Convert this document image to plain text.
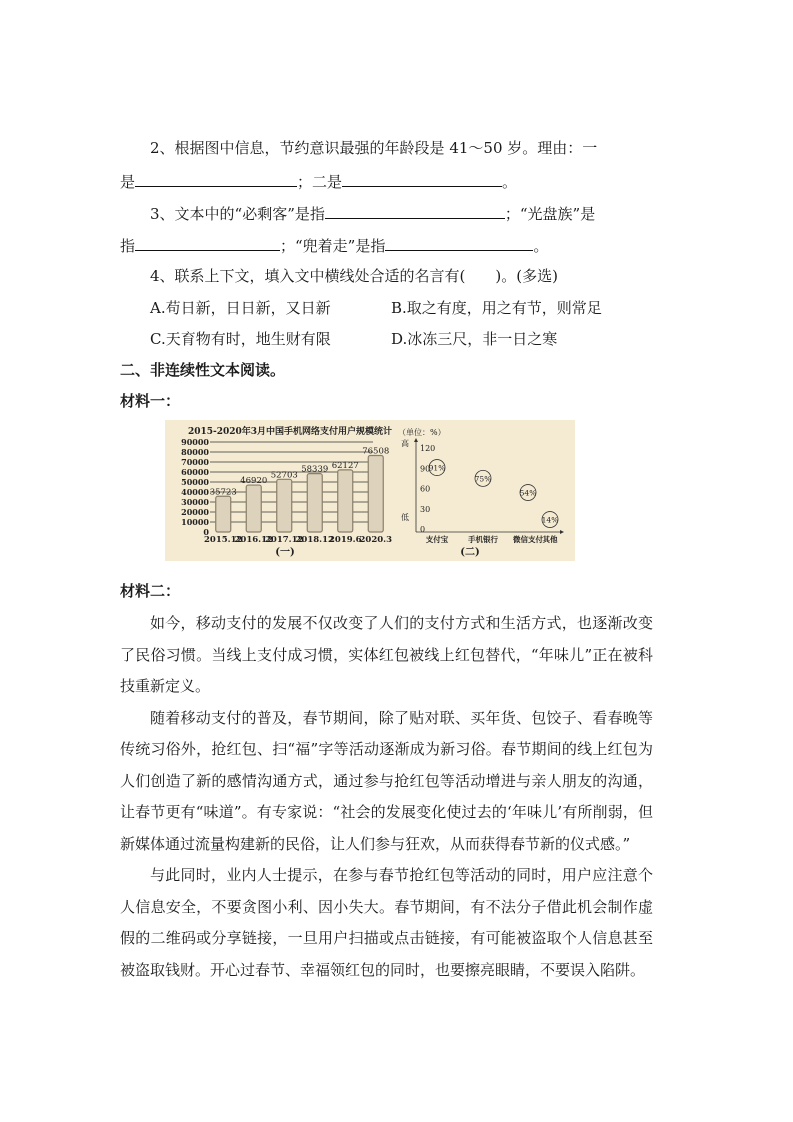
2、根据图中信息，节约意识最强的年龄段是 41～50 岁。理由：一
是	；二是	。
3、文本中的“必剩客”是指	；“光盘族”是
指	；“兜着走”是指	。
4、联系上下文，填入文中横线处合适的名言有(　　)。(多选)
A.苟日新，日日新，又日新	B.取之有度，用之有节，则常足
C.天育物有时，地生财有限	D.冰冻三尺，非一日之寒
二、非连续性文本阅读。
材料一：
2015-2020年3月中国手机网络支付用户规模统计
90000
80000
70000
60000
50000
40000
30000
20000
10000
0
35723
46920
52703
58339 62127
76508
2015.12
2016.12
2017.12
2018.12
2019.6
2020.3
(一)
（单位：%）
高
低
120
90
60
30
0
91%
75%
54%
14%
支付宝	手机银行 微信支付 其他
(二)
材料二：

如今，移动支付的发展不仅改变了人们的支付方式和生活方式，也逐渐改变了民俗习惯。当线上支付成习惯，实体红包被线上红包替代，“年味儿”正在被科技重新定义。

随着移动支付的普及，春节期间，除了贴对联、买年货、包饺子、看春晚等传统习俗外，抢红包、扫“福”字等活动逐渐成为新习俗。春节期间的线上红包为人们创造了新的感情沟通方式，通过参与抢红包等活动增进与亲人朋友的沟通，让春节更有“味道”。有专家说：“社会的发展变化使过去的‘年味儿’有所削弱，但新媒体通过流量构建新的民俗，让人们参与狂欢，从而获得春节新的仪式感。”

与此同时，业内人士提示，在参与春节抢红包等活动的同时，用户应注意个人信息安全，不要贪图小利、因小失大。春节期间，有不法分子借此机会制作虚假的二维码或分享链接，一旦用户扫描或点击链接，有可能被盗取个人信息甚至被盗取钱财。开心过春节、幸福领红包的同时，也要擦亮眼睛，不要误入陷阱。
